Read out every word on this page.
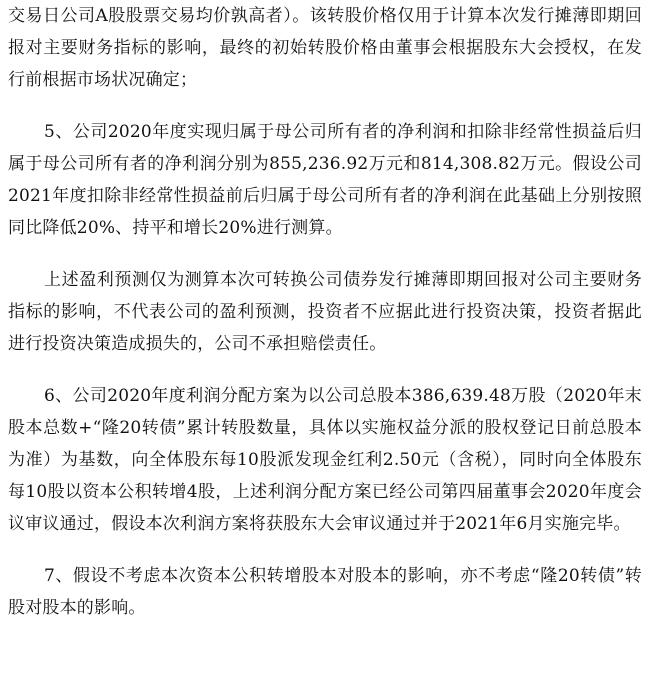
交易日公司A股股票交易均价孰高者）。该转股价格仅用于计算本次发行摊薄即期回报对主要财务指标的影响，最终的初始转股价格由董事会根据股东大会授权，在发行前根据市场状况确定；

5、公司2020年度实现归属于母公司所有者的净利润和扣除非经常性损益后归属于母公司所有者的净利润分别为855,236.92万元和814,308.82万元。假设公司2021年度扣除非经常性损益前后归属于母公司所有者的净利润在此基础上分别按照同比降低20%、持平和增长20%进行测算。

上述盈利预测仅为测算本次可转换公司债券发行摊薄即期回报对公司主要财务指标的影响，不代表公司的盈利预测，投资者不应据此进行投资决策，投资者据此进行投资决策造成损失的，公司不承担赔偿责任。

6、公司2020年度利润分配方案为以公司总股本386,639.48万股（2020年末股本总数+“隆20转债”累计转股数量，具体以实施权益分派的股权登记日前总股本为准）为基数，向全体股东每10股派发现金红利2.50元（含税），同时向全体股东每10股以资本公积转增4股，上述利润分配方案已经公司第四届董事会2020年度会议审议通过，假设本次利润方案将获股东大会审议通过并于2021年6月实施完毕。

7、假设不考虑本次资本公积转增股本对股本的影响，亦不考虑“隆20转债”转股对股本的影响。
